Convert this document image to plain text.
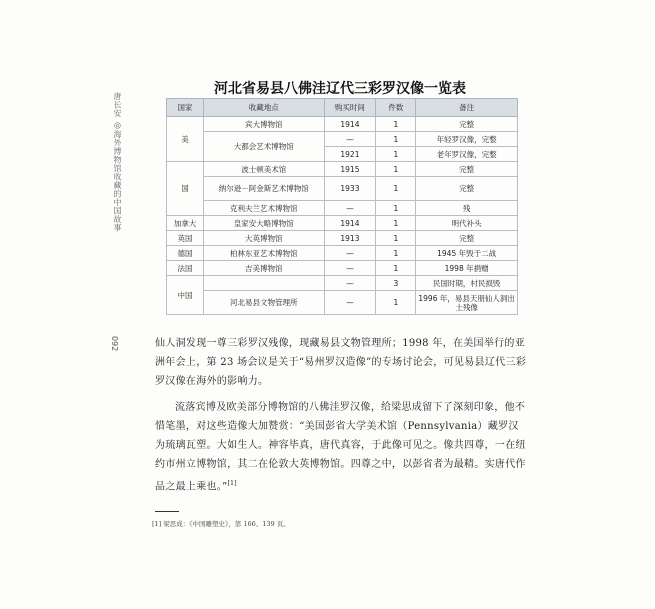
唐长安 ◎海外博物馆收藏的中国故事
092
河北省易县八佛洼辽代三彩罗汉像一览表
国家	收藏地点	购买时间	件数	备注
美	宾大博物馆	1914	1	完整
	大都会艺术博物馆	—	1	年轻罗汉像，完整
		1921	1	老年罗汉像，完整
国	波士顿美术馆	1915	1	完整
	纳尔逊－阿金斯艺术博物馆	1933	1	完整
	克利夫兰艺术博物馆	—	1	残
加拿大	皇家安大略博物馆	1914	1	明代补头
英国	大英博物馆	1913	1	完整
德国	柏林东亚艺术博物馆	—	1	1945 年毁于二战
法国	吉美博物馆	—	1	1998 年捐赠
中国		—	3	民国时期，村民损毁
	河北易县文物管理所	—	1	1996 年，易县天朋仙人洞出土残像

仙人洞发现一尊三彩罗汉残像，现藏易县文物管理所；1998 年，在美国举行的亚洲年会上，第 23 场会议是关于“易州罗汉造像”的专场讨论会，可见易县辽代三彩罗汉像在海外的影响力。

流落宾博及欧美部分博物馆的八佛洼罗汉像，给梁思成留下了深刻印象，他不惜笔墨，对这些造像大加赞赏：“美国彭省大学美术馆（Pennsylvania）藏罗汉为琉璃瓦塑。大如生人。神容毕真，唐代真容，于此像可见之。像共四尊，一在纽约市州立博物馆，其二在伦敦大英博物馆。四尊之中，以彭省者为最精。实唐代作品之最上乘也。”[1]

[1] 梁思成：《中国雕塑史》，第 166、139 页。
